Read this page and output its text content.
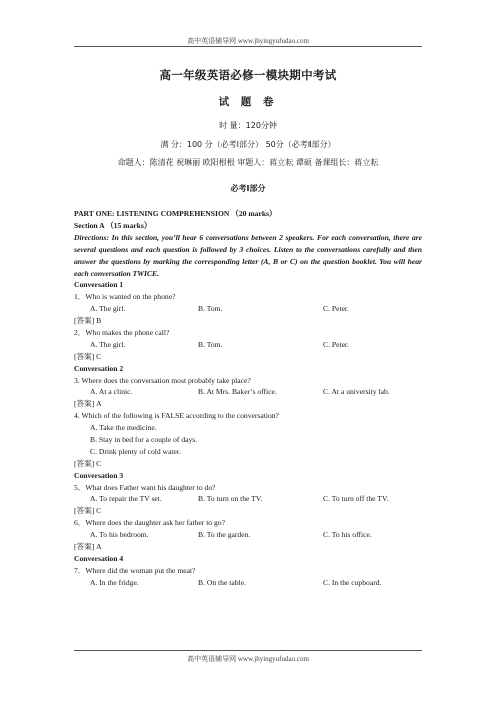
高中英语辅导网 www.jhyingyufudao.com
高一年级英语必修一模块期中考试
试 题 卷
时 量：120分钟
满 分：100 分（必考Ⅰ部分） 50分（必考Ⅱ部分）
命题人：陈清花 祝琳丽 欧阳根根 审题人：蒋立耘 谭硕 备课组长：蒋立耘
必考Ⅰ部分
PART ONE: LISTENING COMPREHENSION （20 marks）
Section A （15 marks）
Directions: In this section, you’ll hear 6 conversations between 2 speakers. For each conversation, there are several questions and each question is followed by 3 choices. Listen to the conversations carefully and then answer the questions by marking the corresponding letter (A, B or C) on the question booklet. You will hear each conversation TWICE.
Conversation 1
1．Who is wanted on the phone?
A. The girl.	B. Tom.	C. Peter.
[答案] B
2．Who makes the phone call?
A. The girl.	B. Tom.	C. Peter.
[答案] C
Conversation 2
3. Where does the conversation most probably take place?
A. At a clinic.	B. At Mrs. Baker’s office.	C. At a university lab.
[答案] A
4. Which of the following is FALSE according to the conversation?
A. Take the medicine.
B. Stay in bed for a couple of days.
C. Drink plenty of cold water.
[答案] C
Conversation 3
5．What does Father want his daughter to do?
A. To repair the TV set.	B. To turn on the TV.	C. To turn off the TV.
[答案] C
6．Where does the daughter ask her father to go?
A. To his bedroom.	B. To the garden.	C. To his office.
[答案] A
Conversation 4
7．Where did the woman put the meat?
A. In the fridge.	B. On the table.	C. In the cupboard.
高中英语辅导网 www.jhyingyufudao.com
